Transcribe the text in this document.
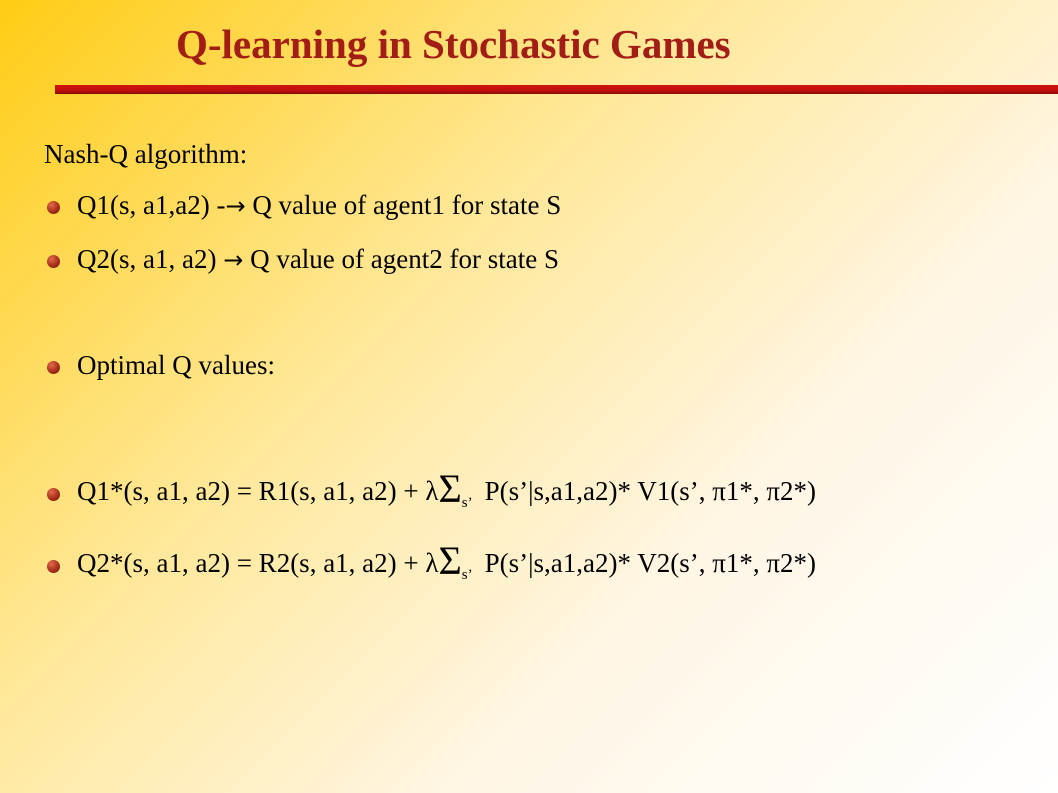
Q-learning in Stochastic Games
Nash-Q algorithm:
Q1(s, a1,a2) -→ Q value of agent1 for state S
Q2(s, a1, a2) → Q value of agent2 for state S
Optimal Q values:
Q1*(s, a1, a2) = R1(s, a1, $a2) + \lambda\Sigma_{s’}$ P(s’|s,a1,a2)* V1(s’, π1*, π2*)
Q2*(s, a1, a2) = R2(s, a1, $a2) + \lambda\Sigma_{s’}$ P(s’|s,a1,a2)* V2(s’, π1*, π2*)
